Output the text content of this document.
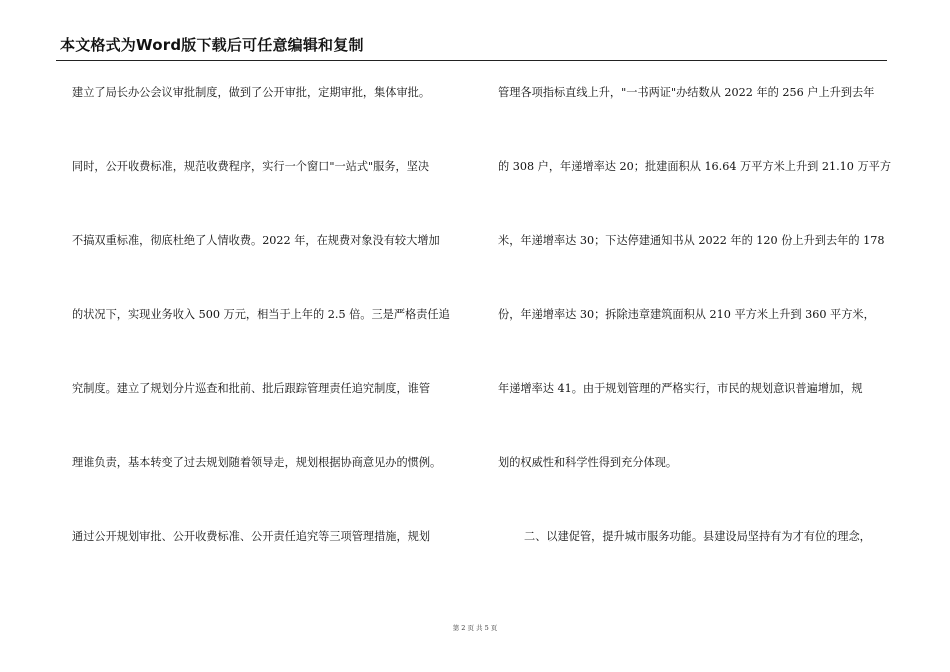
本文格式为Word版下载后可任意编辑和复制
建立了局长办公会议审批制度，做到了公开审批，定期审批，集体审批。
同时，公开收费标准，规范收费程序，实行一个窗口"一站式"服务，坚决
不搞双重标准，彻底杜绝了人情收费。2022 年，在规费对象没有较大增加
的状况下，实现业务收入 500 万元，相当于上年的 2.5 倍。三是严格责任追
究制度。建立了规划分片巡查和批前、批后跟踪管理责任追究制度，谁管
理谁负责，基本转变了过去规划随着领导走，规划根据协商意见办的惯例。
通过公开规划审批、公开收费标准、公开责任追究等三项管理措施，规划
管理各项指标直线上升，"一书两证"办结数从 2022 年的 256 户上升到去年
的 308 户，年递增率达 20；批建面积从 16.64 万平方米上升到 21.10 万平方
米，年递增率达 30；下达停建通知书从 2022 年的 120 份上升到去年的 178
份，年递增率达 30；拆除违章建筑面积从 210 平方米上升到 360 平方米，
年递增率达 41。由于规划管理的严格实行，市民的规划意识普遍增加，规
划的权威性和科学性得到充分体现。
二、以建促管，提升城市服务功能。县建设局坚持有为才有位的理念，
第 2 页 共 5 页
